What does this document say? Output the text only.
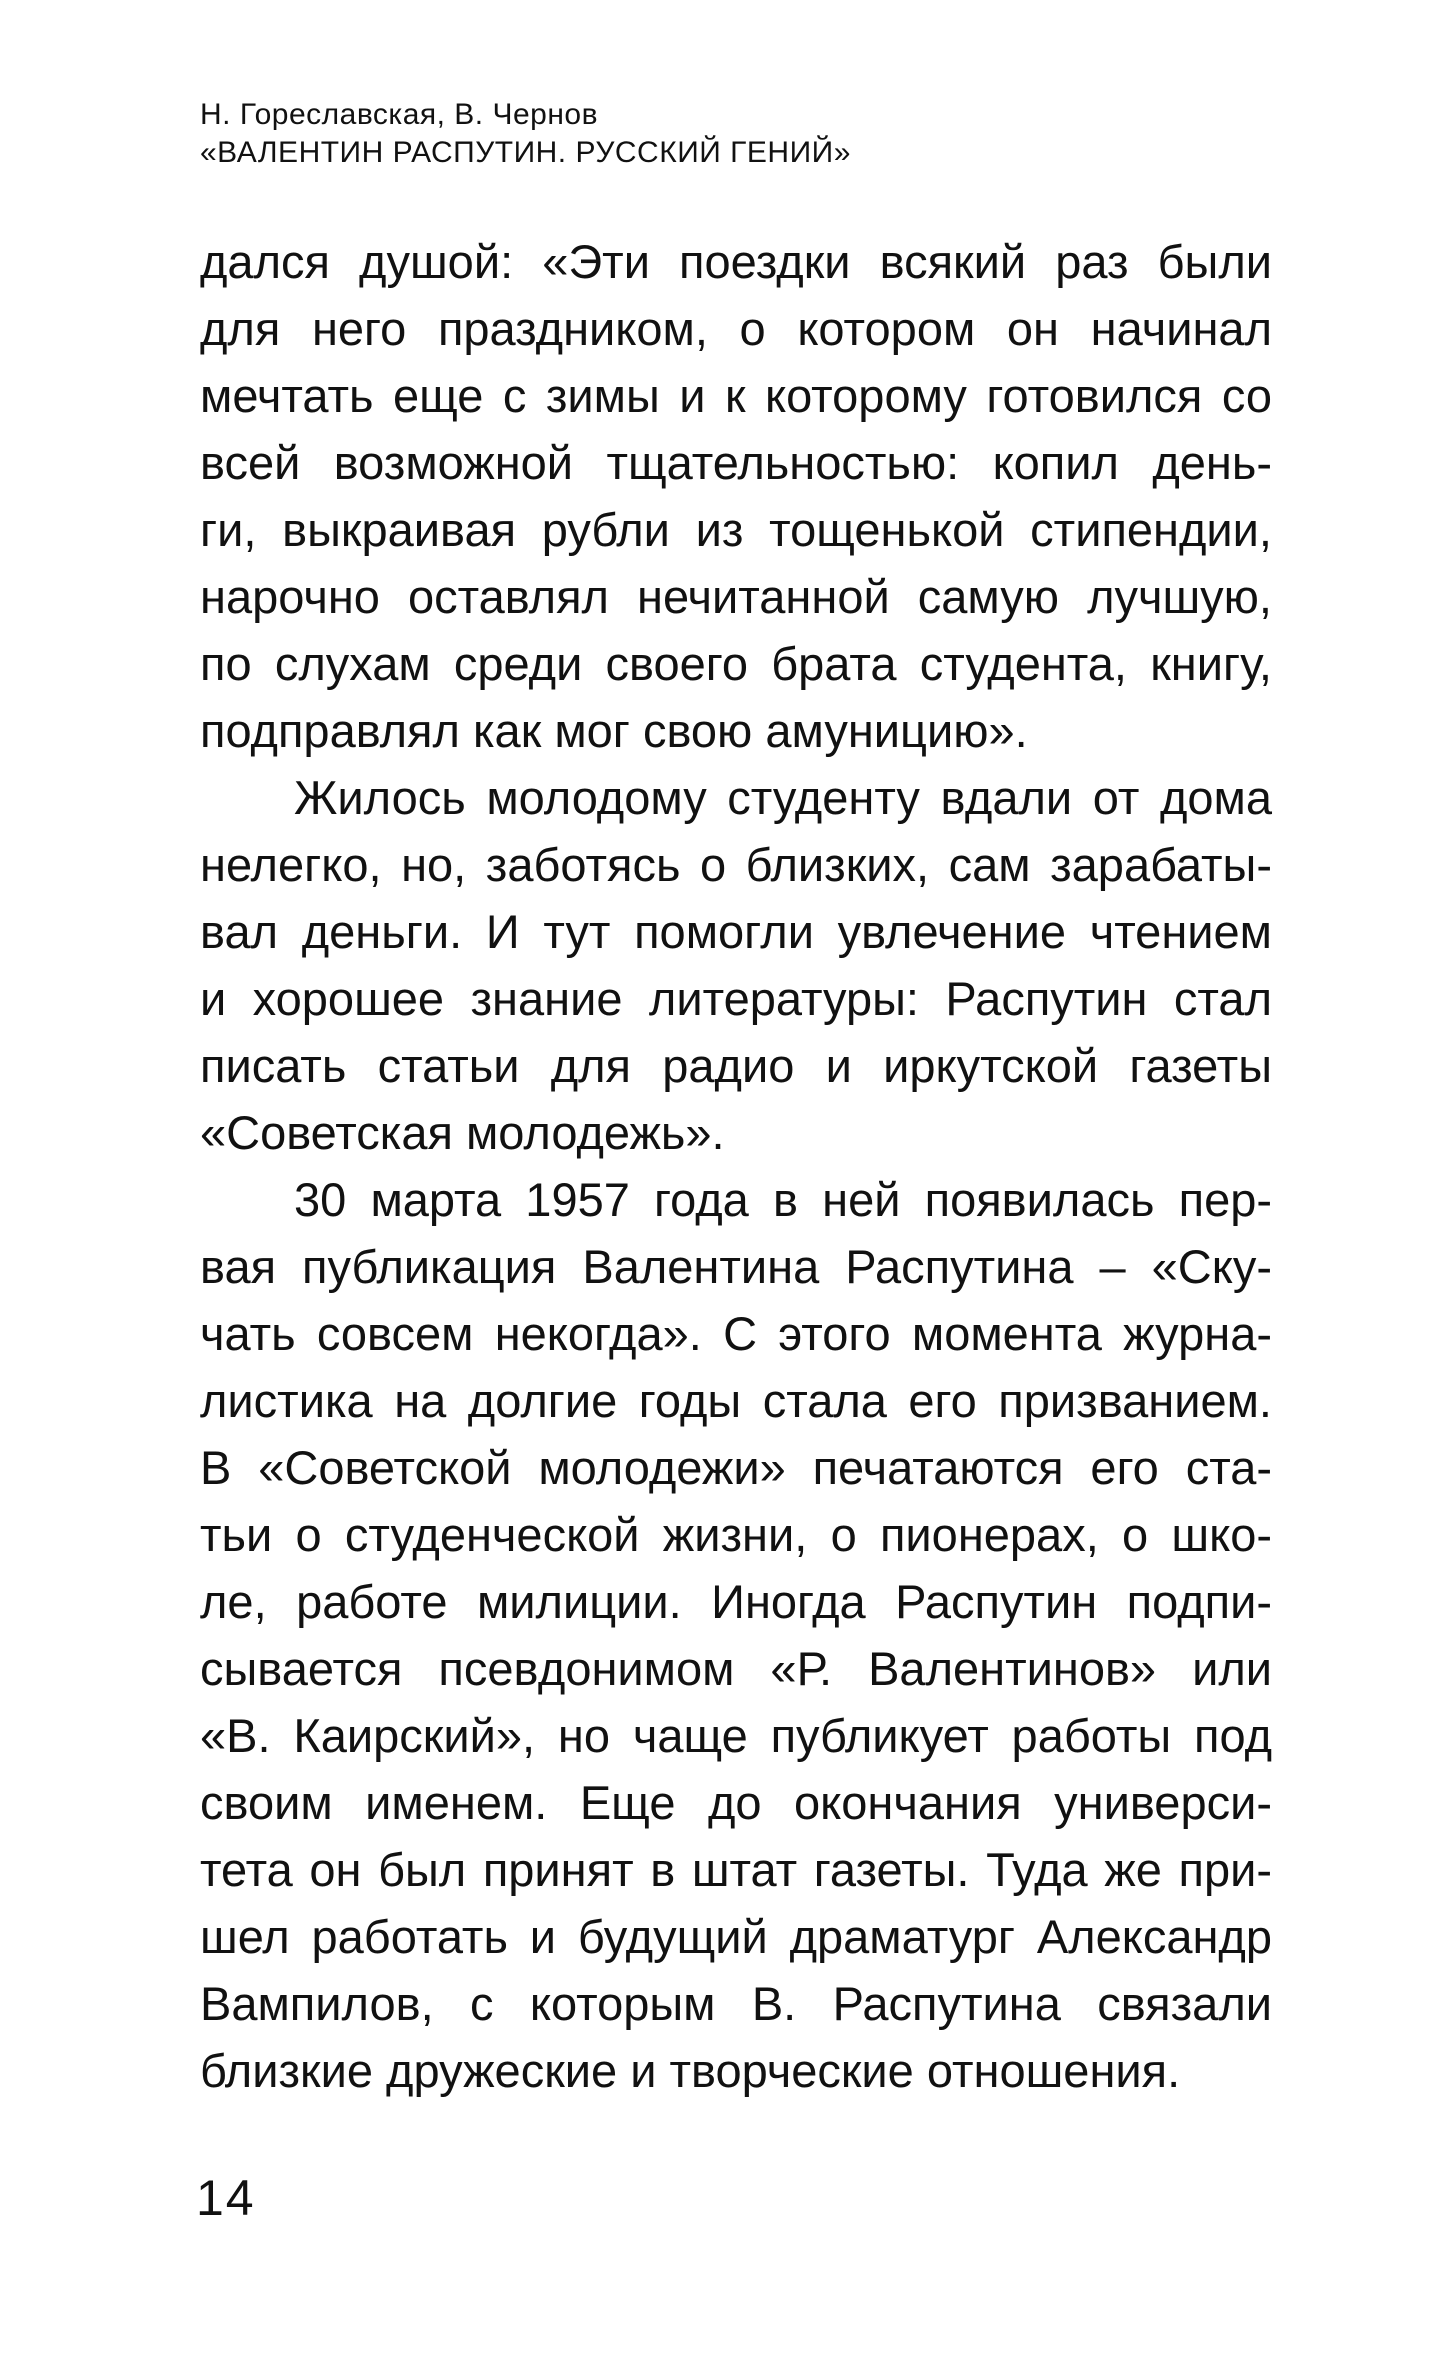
Н. Гореславская, В. Чернов
«ВАЛЕНТИН РАСПУТИН. РУССКИЙ ГЕНИЙ»
дался душой: «Эти поездки всякий раз были
для него праздником, о котором он начинал
мечтать еще с зимы и к которому готовился со
всей возможной тщательностью: копил день-
ги, выкраивая рубли из тощенькой стипендии,
нарочно оставлял нечитанной самую лучшую,
по слухам среди своего брата студента, книгу,
подправлял как мог свою амуницию».
Жилось молодому студенту вдали от дома
нелегко, но, заботясь о близких, сам зарабаты-
вал деньги. И тут помогли увлечение чтением
и хорошее знание литературы: Распутин стал
писать статьи для радио и иркутской газеты
«Советская молодежь».
30 марта 1957 года в ней появилась пер-
вая публикация Валентина Распутина – «Ску-
чать совсем некогда». С этого момента журна-
листика на долгие годы стала его призванием.
В «Советской молодежи» печатаются его ста-
тьи о студенческой жизни, о пионерах, о шко-
ле, работе милиции. Иногда Распутин подпи-
сывается псевдонимом «Р. Валентинов» или
«В. Каирский», но чаще публикует работы под
своим именем. Еще до окончания универси-
тета он был принят в штат газеты. Туда же при-
шел работать и будущий драматург Александр
Вампилов, с которым В. Распутина связали
близкие дружеские и творческие отношения.
14
